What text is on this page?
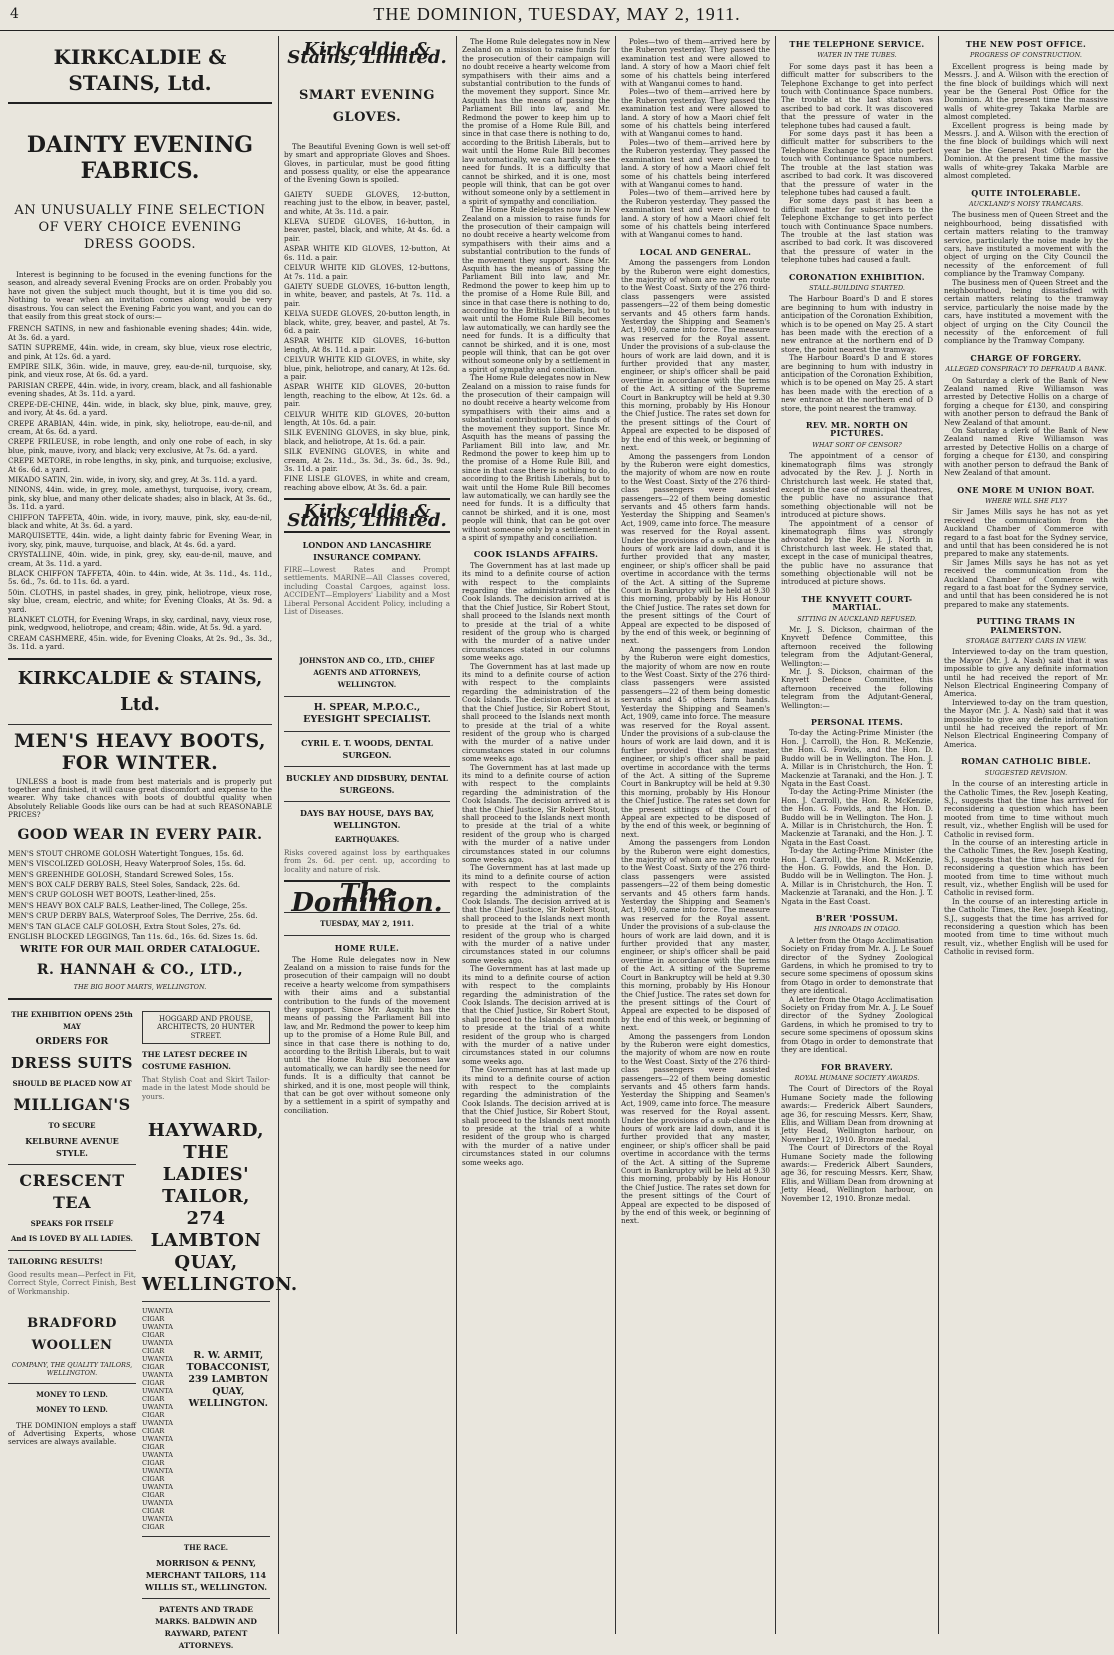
4	THE DOMINION, TUESDAY, MAY 2, 1911.
KIRKCALDIE & STAINS, Ltd.
DAINTY EVENING FABRICS.
AN UNUSUALLY FINE SELECTION OF VERY CHOICE EVENING DRESS GOODS.

Interest is beginning to be focused in the evening functions for the season, and already several Evening Frocks are on order. Probably you have not given the subject much thought, but it is time you did so. Nothing to wear when an invitation comes along would be very disastrous. You can select the Evening Fabric you want, and you can do that easily from this great stock of ours:—

FRENCH SATINS, in new and fashionable evening shades; 44in. wide, At 3s. 6d. a yard.
SATIN SUPREME, 44in. wide, in cream, sky blue, vieux rose electric, and pink, At 12s. 6d. a yard.
EMPIRE SILK, 36in. wide, in mauve, grey, eau-de-nil, turquoise, sky, pink, and vieux rose, At 6s. 6d. a yard.
PARISIAN CREPE, 44in. wide, in ivory, cream, black, and all fashionable evening shades, At 3s. 11d. a yard.
CREPE-DE-CHINE, 44in. wide, in black, sky blue, pink, mauve, grey, and ivory, At 4s. 6d. a yard.
CREPE ARABIAN, 44in. wide, in pink, sky, heliotrope, eau-de-nil, and cream, At 6s. 6d. a yard.
CREPE FRILEUSE, in robe length, and only one robe of each, in sky blue, pink, mauve, ivory, and black; very exclusive, At 7s. 6d. a yard.
CREPE METORE, in robe lengths, in sky, pink, and turquoise; exclusive, At 6s. 6d. a yard.
MIKADO SATIN, 2in. wide, in ivory, sky, and grey, At 3s. 11d. a yard.
NINONS, 44in. wide, in grey, mole, amethyst, turquoise, ivory, cream, pink, sky blue, and many other delicate shades; also in black, At 3s. 6d., 3s. 11d. a yard.
CHIFFON TAFFETA, 40in. wide, in ivory, mauve, pink, sky, eau-de-nil, black and white, At 3s. 6d. a yard.
MARQUISETTE, 44in. wide, a light dainty fabric for Evening Wear, in ivory, sky, pink, mauve, turquoise, and black, At 4s. 6d. a yard.
CRYSTALLINE, 40in. wide, in pink, grey, sky, eau-de-nil, mauve, and cream, At 3s. 11d. a yard.
BLACK CHIFFON TAFFETA, 40in. to 44in. wide, At 3s. 11d., 4s. 11d., 5s. 6d., 7s. 6d. to 11s. 6d. a yard.
50in. CLOTHS, in pastel shades, in grey, pink, heliotrope, vieux rose, sky blue, cream, electric, and white; for Evening Cloaks, At 3s. 9d. a yard.
BLANKET CLOTH, for Evening Wraps, in sky, cardinal, navy, vieux rose, pink, wedgwood, heliotrope, and cream; 48in. wide, At 5s. 9d. a yard.
CREAM CASHMERE, 45in. wide, for Evening Cloaks, At 2s. 9d., 3s. 3d., 3s. 11d. a yard.
KIRKCALDIE & STAINS, Ltd.
MEN'S HEAVY BOOTS, FOR WINTER.

UNLESS a boot is made from best materials and is properly put together and finished, it will cause great discomfort and expense to the wearer. Why take chances with boots of doubtful quality when Absolutely Reliable Goods like ours can be had at such REASONABLE PRICES?

GOOD WEAR IN EVERY PAIR.
MEN'S STOUT CHROME GOLOSH Watertight Tongues, 15s. 6d.
MEN'S VISCOLIZED GOLOSH, Heavy Waterproof Soles, 15s. 6d.
MEN'S GREENHIDE GOLOSH, Standard Screwed Soles, 15s.
MEN'S BOX CALF DERBY BALS, Steel Soles, Sandack, 22s. 6d.
MEN'S CRUP GOLOSH WET BOOTS, Leather-lined, 25s.
MEN'S HEAVY BOX CALF BALS, Leather-lined, The College, 25s.
MEN'S CRUP DERBY BALS, Waterproof Soles, The Derrive, 25s. 6d.
MEN'S TAN GLACE CALF GOLOSH, Extra Stout Soles, 27s. 6d.
ENGLISH BLOCKED LEGGINGS, Tan 11s. 6d., 16s. 6d. Sizes 1s. 6d.
WRITE FOR OUR MAIL ORDER CATALOGUE.
R. HANNAH & CO., LTD.,
THE BIG BOOT MARTS, WELLINGTON.
THE EXHIBITION OPENS 25th MAY
ORDERS FOR
DRESS SUITS
SHOULD BE PLACED NOW AT
MILLIGAN'S
TO SECURE
KELBURNE AVENUE STYLE.
CRESCENT TEA
SPEAKS FOR ITSELF
And IS LOVED BY ALL LADIES.
TAILORING RESULTS!
Good results mean—Perfect in Fit, Correct Style, Correct Finish, Best of Workmanship.
BRADFORD WOOLLEN
COMPANY, THE QUALITY TAILORS, WELLINGTON.
MONEY TO LEND.
MONEY TO LEND.

THE DOMINION employs a staff of Advertising Experts, whose services are always available.

HOGGARD AND PROUSE, ARCHITECTS, 20 HUNTER STREET.
THE LATEST DECREE IN COSTUME FASHION.
That Stylish Coat and Skirt Tailor-made in the latest Mode should be yours.
HAYWARD, THE LADIES' TAILOR, 274 LAMBTON QUAY, WELLINGTON.
UWANTA CIGAR
UWANTA CIGAR
UWANTA CIGAR
UWANTA CIGAR
UWANTA CIGAR
UWANTA CIGAR
UWANTA CIGAR
UWANTA CIGAR
UWANTA CIGAR
UWANTA CIGAR
UWANTA CIGAR
UWANTA CIGAR
UWANTA CIGAR
UWANTA CIGAR
R. W. ARMIT, TOBACCONIST, 239 LAMBTON QUAY, WELLINGTON.
THE RACE.
MORRISON & PENNY, MERCHANT TAILORS, 114 WILLIS ST., WELLINGTON.
PATENTS AND TRADE MARKS. BALDWIN AND RAYWARD, PATENT ATTORNEYS.
Kirkcaldie & Stains, Limited.
SMART EVENING GLOVES.

The Beautiful Evening Gown is well set-off by smart and appropriate Gloves and Shoes. Gloves, in particular, must be good fitting and possess quality, or else the appearance of the Evening Gown is spoiled.

GAIETY SUEDE GLOVES, 12-button, reaching just to the elbow, in beaver, pastel, and white, At 3s. 11d. a pair.
KLEVA SUEDE GLOVES, 16-button, in beaver, pastel, black, and white, At 4s. 6d. a pair.
ASPAR WHITE KID GLOVES, 12-button, At 6s. 11d. a pair.
CELVUR WHITE KID GLOVES, 12-buttons, At 7s. 11d. a pair.
GAIETY SUEDE GLOVES, 16-button length, in white, beaver, and pastels, At 7s. 11d. a pair.
KELVA SUEDE GLOVES, 20-button length, in black, white, grey, beaver, and pastel, At 7s. 6d. a pair.
ASPAR WHITE KID GLOVES, 16-button length, At 8s. 11d. a pair.
CELVUR WHITE KID GLOVES, in white, sky blue, pink, heliotrope, and canary, At 12s. 6d. a pair.
ASPAR WHITE KID GLOVES, 20-button length, reaching to the elbow, At 12s. 6d. a pair.
CELVUR WHITE KID GLOVES, 20-button length, At 10s. 6d. a pair.
SILK EVENING GLOVES, in sky blue, pink, black, and heliotrope, At 1s. 6d. a pair.
SILK EVENING GLOVES, in white and cream, At 2s. 11d., 3s. 3d., 3s. 6d., 3s. 9d., 3s. 11d. a pair.
FINE LISLE GLOVES, in white and cream, reaching above elbow, At 3s. 6d. a pair.
Kirkcaldie & Stains, Limited.
LONDON AND LANCASHIRE INSURANCE COMPANY.
FIRE—Lowest Rates and Prompt settlements. MARINE—All Classes covered, including Coastal Cargoes, against loss. ACCIDENT—Employers' Liability and a Most Liberal Personal Accident Policy, including a List of Diseases.
JOHNSTON AND CO., LTD., CHIEF AGENTS AND ATTORNEYS, WELLINGTON.
H. SPEAR, M.P.O.C., EYESIGHT SPECIALIST.
CYRIL E. T. WOODS, DENTAL SURGEON.
BUCKLEY AND DIDSBURY, DENTAL SURGEONS.
DAYS BAY HOUSE, DAYS BAY, WELLINGTON.
EARTHQUAKES.
Risks covered against loss by earthquakes from 2s. 6d. per cent. up, according to locality and nature of risk.
The Dominion.
TUESDAY, MAY 2, 1911.
HOME RULE.

The Home Rule delegates now in New Zealand on a mission to raise funds for the prosecution of their campaign will no doubt receive a hearty welcome from sympathisers with their aims and a substantial contribution to the funds of the movement they support. Since Mr. Asquith has the means of passing the Parliament Bill into law, and Mr. Redmond the power to keep him up to the promise of a Home Rule Bill, and since in that case there is nothing to do, according to the British Liberals, but to wait until the Home Rule Bill becomes law automatically, we can hardly see the need for funds. It is a difficulty that cannot be shirked, and it is one, most people will think, that can be got over without someone only by a settlement in a spirit of sympathy and conciliation.

The Home Rule delegates now in New Zealand on a mission to raise funds for the prosecution of their campaign will no doubt receive a hearty welcome from sympathisers with their aims and a substantial contribution to the funds of the movement they support. Since Mr. Asquith has the means of passing the Parliament Bill into law, and Mr. Redmond the power to keep him up to the promise of a Home Rule Bill, and since in that case there is nothing to do, according to the British Liberals, but to wait until the Home Rule Bill becomes law automatically, we can hardly see the need for funds. It is a difficulty that cannot be shirked, and it is one, most people will think, that can be got over without someone only by a settlement in a spirit of sympathy and conciliation.

The Home Rule delegates now in New Zealand on a mission to raise funds for the prosecution of their campaign will no doubt receive a hearty welcome from sympathisers with their aims and a substantial contribution to the funds of the movement they support. Since Mr. Asquith has the means of passing the Parliament Bill into law, and Mr. Redmond the power to keep him up to the promise of a Home Rule Bill, and since in that case there is nothing to do, according to the British Liberals, but to wait until the Home Rule Bill becomes law automatically, we can hardly see the need for funds. It is a difficulty that cannot be shirked, and it is one, most people will think, that can be got over without someone only by a settlement in a spirit of sympathy and conciliation.

The Home Rule delegates now in New Zealand on a mission to raise funds for the prosecution of their campaign will no doubt receive a hearty welcome from sympathisers with their aims and a substantial contribution to the funds of the movement they support. Since Mr. Asquith has the means of passing the Parliament Bill into law, and Mr. Redmond the power to keep him up to the promise of a Home Rule Bill, and since in that case there is nothing to do, according to the British Liberals, but to wait until the Home Rule Bill becomes law automatically, we can hardly see the need for funds. It is a difficulty that cannot be shirked, and it is one, most people will think, that can be got over without someone only by a settlement in a spirit of sympathy and conciliation.

COOK ISLANDS AFFAIRS.

The Government has at last made up its mind to a definite course of action with respect to the complaints regarding the administration of the Cook Islands. The decision arrived at is that the Chief Justice, Sir Robert Stout, shall proceed to the Islands next month to preside at the trial of a white resident of the group who is charged with the murder of a native under circumstances stated in our columns some weeks ago.

The Government has at last made up its mind to a definite course of action with respect to the complaints regarding the administration of the Cook Islands. The decision arrived at is that the Chief Justice, Sir Robert Stout, shall proceed to the Islands next month to preside at the trial of a white resident of the group who is charged with the murder of a native under circumstances stated in our columns some weeks ago.

The Government has at last made up its mind to a definite course of action with respect to the complaints regarding the administration of the Cook Islands. The decision arrived at is that the Chief Justice, Sir Robert Stout, shall proceed to the Islands next month to preside at the trial of a white resident of the group who is charged with the murder of a native under circumstances stated in our columns some weeks ago.

The Government has at last made up its mind to a definite course of action with respect to the complaints regarding the administration of the Cook Islands. The decision arrived at is that the Chief Justice, Sir Robert Stout, shall proceed to the Islands next month to preside at the trial of a white resident of the group who is charged with the murder of a native under circumstances stated in our columns some weeks ago.

The Government has at last made up its mind to a definite course of action with respect to the complaints regarding the administration of the Cook Islands. The decision arrived at is that the Chief Justice, Sir Robert Stout, shall proceed to the Islands next month to preside at the trial of a white resident of the group who is charged with the murder of a native under circumstances stated in our columns some weeks ago.

The Government has at last made up its mind to a definite course of action with respect to the complaints regarding the administration of the Cook Islands. The decision arrived at is that the Chief Justice, Sir Robert Stout, shall proceed to the Islands next month to preside at the trial of a white resident of the group who is charged with the murder of a native under circumstances stated in our columns some weeks ago.

Poles—two of them—arrived here by the Ruberon yesterday. They passed the examination test and were allowed to land. A story of how a Maori chief felt some of his chattels being interfered with at Wanganui comes to hand.

Poles—two of them—arrived here by the Ruberon yesterday. They passed the examination test and were allowed to land. A story of how a Maori chief felt some of his chattels being interfered with at Wanganui comes to hand.

Poles—two of them—arrived here by the Ruberon yesterday. They passed the examination test and were allowed to land. A story of how a Maori chief felt some of his chattels being interfered with at Wanganui comes to hand.

Poles—two of them—arrived here by the Ruberon yesterday. They passed the examination test and were allowed to land. A story of how a Maori chief felt some of his chattels being interfered with at Wanganui comes to hand.

LOCAL AND GENERAL.

Among the passengers from London by the Ruberon were eight domestics, the majority of whom are now en route to the West Coast. Sixty of the 276 third-class passengers were assisted passengers—22 of them being domestic servants and 45 others farm hands. Yesterday the Shipping and Seamen's Act, 1909, came into force. The measure was reserved for the Royal assent. Under the provisions of a sub-clause the hours of work are laid down, and it is further provided that any master, engineer, or ship's officer shall be paid overtime in accordance with the terms of the Act. A sitting of the Supreme Court in Bankruptcy will be held at 9.30 this morning, probably by His Honour the Chief Justice. The rates set down for the present sittings of the Court of Appeal are expected to be disposed of by the end of this week, or beginning of next.

Among the passengers from London by the Ruberon were eight domestics, the majority of whom are now en route to the West Coast. Sixty of the 276 third-class passengers were assisted passengers—22 of them being domestic servants and 45 others farm hands. Yesterday the Shipping and Seamen's Act, 1909, came into force. The measure was reserved for the Royal assent. Under the provisions of a sub-clause the hours of work are laid down, and it is further provided that any master, engineer, or ship's officer shall be paid overtime in accordance with the terms of the Act. A sitting of the Supreme Court in Bankruptcy will be held at 9.30 this morning, probably by His Honour the Chief Justice. The rates set down for the present sittings of the Court of Appeal are expected to be disposed of by the end of this week, or beginning of next.

Among the passengers from London by the Ruberon were eight domestics, the majority of whom are now en route to the West Coast. Sixty of the 276 third-class passengers were assisted passengers—22 of them being domestic servants and 45 others farm hands. Yesterday the Shipping and Seamen's Act, 1909, came into force. The measure was reserved for the Royal assent. Under the provisions of a sub-clause the hours of work are laid down, and it is further provided that any master, engineer, or ship's officer shall be paid overtime in accordance with the terms of the Act. A sitting of the Supreme Court in Bankruptcy will be held at 9.30 this morning, probably by His Honour the Chief Justice. The rates set down for the present sittings of the Court of Appeal are expected to be disposed of by the end of this week, or beginning of next.

Among the passengers from London by the Ruberon were eight domestics, the majority of whom are now en route to the West Coast. Sixty of the 276 third-class passengers were assisted passengers—22 of them being domestic servants and 45 others farm hands. Yesterday the Shipping and Seamen's Act, 1909, came into force. The measure was reserved for the Royal assent. Under the provisions of a sub-clause the hours of work are laid down, and it is further provided that any master, engineer, or ship's officer shall be paid overtime in accordance with the terms of the Act. A sitting of the Supreme Court in Bankruptcy will be held at 9.30 this morning, probably by His Honour the Chief Justice. The rates set down for the present sittings of the Court of Appeal are expected to be disposed of by the end of this week, or beginning of next.

Among the passengers from London by the Ruberon were eight domestics, the majority of whom are now en route to the West Coast. Sixty of the 276 third-class passengers were assisted passengers—22 of them being domestic servants and 45 others farm hands. Yesterday the Shipping and Seamen's Act, 1909, came into force. The measure was reserved for the Royal assent. Under the provisions of a sub-clause the hours of work are laid down, and it is further provided that any master, engineer, or ship's officer shall be paid overtime in accordance with the terms of the Act. A sitting of the Supreme Court in Bankruptcy will be held at 9.30 this morning, probably by His Honour the Chief Justice. The rates set down for the present sittings of the Court of Appeal are expected to be disposed of by the end of this week, or beginning of next.

THE TELEPHONE SERVICE.
WATER IN THE TUBES.

For some days past it has been a difficult matter for subscribers to the Telephone Exchange to get into perfect touch with Continuance Space numbers. The trouble at the last station was ascribed to bad cork. It was discovered that the pressure of water in the telephone tubes had caused a fault.

For some days past it has been a difficult matter for subscribers to the Telephone Exchange to get into perfect touch with Continuance Space numbers. The trouble at the last station was ascribed to bad cork. It was discovered that the pressure of water in the telephone tubes had caused a fault.

For some days past it has been a difficult matter for subscribers to the Telephone Exchange to get into perfect touch with Continuance Space numbers. The trouble at the last station was ascribed to bad cork. It was discovered that the pressure of water in the telephone tubes had caused a fault.

CORONATION EXHIBITION.
STALL-BUILDING STARTED.

The Harbour Board's D and E stores are beginning to hum with industry in anticipation of the Coronation Exhibition, which is to be opened on May 25. A start has been made with the erection of a new entrance at the northern end of D store, the point nearest the tramway.

The Harbour Board's D and E stores are beginning to hum with industry in anticipation of the Coronation Exhibition, which is to be opened on May 25. A start has been made with the erection of a new entrance at the northern end of D store, the point nearest the tramway.

REV. MR. NORTH ON PICTURES.
WHAT SORT OF CENSOR?

The appointment of a censor of kinematograph films was strongly advocated by the Rev. J. J. North in Christchurch last week. He stated that, except in the case of municipal theatres, the public have no assurance that something objectionable will not be introduced at picture shows.

The appointment of a censor of kinematograph films was strongly advocated by the Rev. J. J. North in Christchurch last week. He stated that, except in the case of municipal theatres, the public have no assurance that something objectionable will not be introduced at picture shows.

THE KNYVETT COURT-MARTIAL.
SITTING IN AUCKLAND REFUSED.

Mr. J. S. Dickson, chairman of the Knyvett Defence Committee, this afternoon received the following telegram from the Adjutant-General, Wellington:—

Mr. J. S. Dickson, chairman of the Knyvett Defence Committee, this afternoon received the following telegram from the Adjutant-General, Wellington:—

PERSONAL ITEMS.

To-day the Acting-Prime Minister (the Hon. J. Carroll), the Hon. R. McKenzie, the Hon. G. Fowlds, and the Hon. D. Buddo will be in Wellington. The Hon. J. A. Millar is in Christchurch, the Hon. T. Mackenzie at Taranaki, and the Hon. J. T. Ngata in the East Coast.

To-day the Acting-Prime Minister (the Hon. J. Carroll), the Hon. R. McKenzie, the Hon. G. Fowlds, and the Hon. D. Buddo will be in Wellington. The Hon. J. A. Millar is in Christchurch, the Hon. T. Mackenzie at Taranaki, and the Hon. J. T. Ngata in the East Coast.

To-day the Acting-Prime Minister (the Hon. J. Carroll), the Hon. R. McKenzie, the Hon. G. Fowlds, and the Hon. D. Buddo will be in Wellington. The Hon. J. A. Millar is in Christchurch, the Hon. T. Mackenzie at Taranaki, and the Hon. J. T. Ngata in the East Coast.

B'RER 'POSSUM.
HIS INROADS IN OTAGO.

A letter from the Otago Acclimatisation Society on Friday from Mr. A. J. Le Souef director of the Sydney Zoological Gardens, in which he promised to try to secure some specimens of opossum skins from Otago in order to demonstrate that they are identical.

A letter from the Otago Acclimatisation Society on Friday from Mr. A. J. Le Souef director of the Sydney Zoological Gardens, in which he promised to try to secure some specimens of opossum skins from Otago in order to demonstrate that they are identical.

FOR BRAVERY.
ROYAL HUMANE SOCIETY AWARDS.

The Court of Directors of the Royal Humane Society made the following awards:— Frederick Albert Saunders, age 36, for rescuing Messrs. Kerr, Shaw, Ellis, and William Dean from drowning at Jetty Head, Wellington harbour, on November 12, 1910. Bronze medal.

The Court of Directors of the Royal Humane Society made the following awards:— Frederick Albert Saunders, age 36, for rescuing Messrs. Kerr, Shaw, Ellis, and William Dean from drowning at Jetty Head, Wellington harbour, on November 12, 1910. Bronze medal.

THE NEW POST OFFICE.
PROGRESS OF CONSTRUCTION.

Excellent progress is being made by Messrs. J. and A. Wilson with the erection of the fine block of buildings which will next year be the General Post Office for the Dominion. At the present time the massive walls of white-grey Takaka Marble are almost completed.

Excellent progress is being made by Messrs. J. and A. Wilson with the erection of the fine block of buildings which will next year be the General Post Office for the Dominion. At the present time the massive walls of white-grey Takaka Marble are almost completed.

QUITE INTOLERABLE.
AUCKLAND'S NOISY TRAMCARS.

The business men of Queen Street and the neighbourhood, being dissatisfied with certain matters relating to the tramway service, particularly the noise made by the cars, have instituted a movement with the object of urging on the City Council the necessity of the enforcement of full compliance by the Tramway Company.

The business men of Queen Street and the neighbourhood, being dissatisfied with certain matters relating to the tramway service, particularly the noise made by the cars, have instituted a movement with the object of urging on the City Council the necessity of the enforcement of full compliance by the Tramway Company.

CHARGE OF FORGERY.
ALLEGED CONSPIRACY TO DEFRAUD A BANK.

On Saturday a clerk of the Bank of New Zealand named Rive Williamson was arrested by Detective Hollis on a charge of forging a cheque for £130, and conspiring with another person to defraud the Bank of New Zealand of that amount.

On Saturday a clerk of the Bank of New Zealand named Rive Williamson was arrested by Detective Hollis on a charge of forging a cheque for £130, and conspiring with another person to defraud the Bank of New Zealand of that amount.

ONE MORE M UNION BOAT.
WHERE WILL SHE FLY?

Sir James Mills says he has not as yet received the communication from the Auckland Chamber of Commerce with regard to a fast boat for the Sydney service, and until that has been considered he is not prepared to make any statements.

Sir James Mills says he has not as yet received the communication from the Auckland Chamber of Commerce with regard to a fast boat for the Sydney service, and until that has been considered he is not prepared to make any statements.

PUTTING TRAMS IN PALMERSTON.
STORAGE BATTERY CARS IN VIEW.

Interviewed to-day on the tram question, the Mayor (Mr. J. A. Nash) said that it was impossible to give any definite information until he had received the report of Mr. Nelson Electrical Engineering Company of America.

Interviewed to-day on the tram question, the Mayor (Mr. J. A. Nash) said that it was impossible to give any definite information until he had received the report of Mr. Nelson Electrical Engineering Company of America.

ROMAN CATHOLIC BIBLE.
SUGGESTED REVISION.

In the course of an interesting article in the Catholic Times, the Rev. Joseph Keating, S.J., suggests that the time has arrived for reconsidering a question which has been mooted from time to time without much result, viz., whether English will be used for Catholic in revised form.

In the course of an interesting article in the Catholic Times, the Rev. Joseph Keating, S.J., suggests that the time has arrived for reconsidering a question which has been mooted from time to time without much result, viz., whether English will be used for Catholic in revised form.

In the course of an interesting article in the Catholic Times, the Rev. Joseph Keating, S.J., suggests that the time has arrived for reconsidering a question which has been mooted from time to time without much result, viz., whether English will be used for Catholic in revised form.
